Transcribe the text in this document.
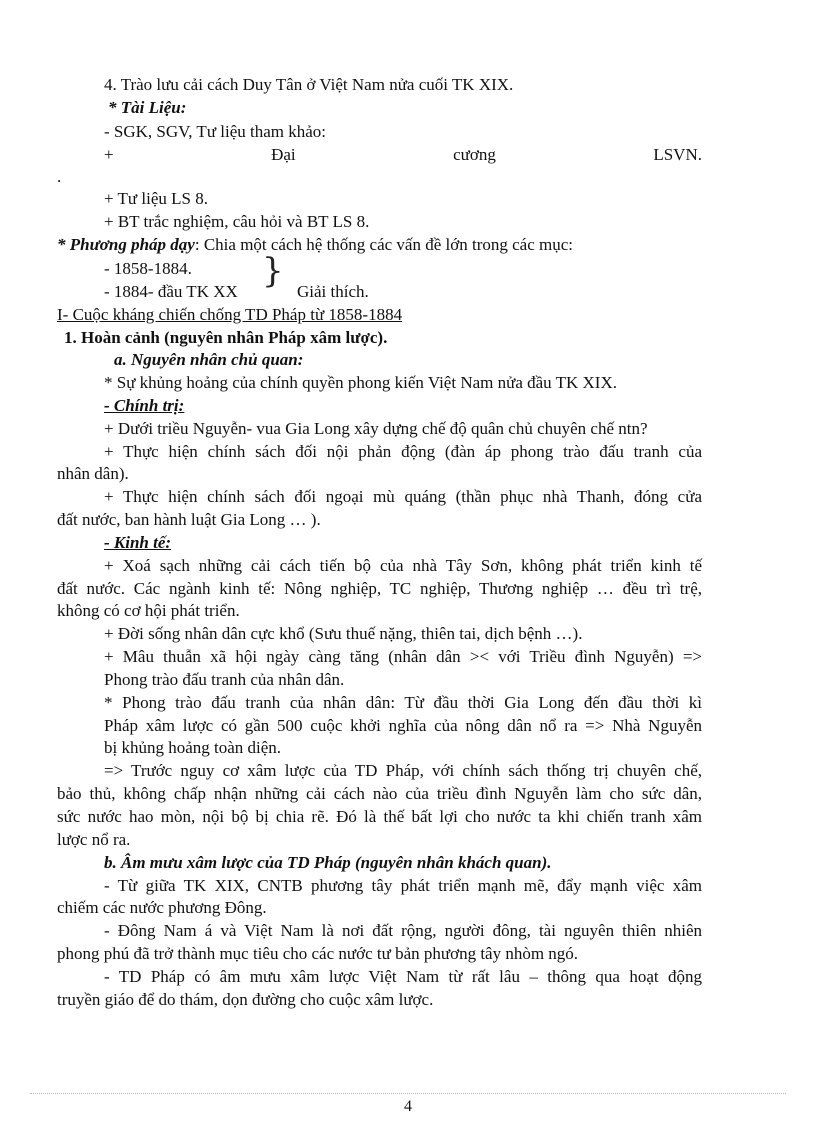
4. Trào lưu cải cách Duy Tân ở Việt Nam nửa cuối TK XIX.
* Tài Liệu:
- SGK, SGV, Tư liệu tham khảo:
+	Đại	cương	LSVN.
.
+ Tư liệu LS 8.
+ BT trắc nghiệm, câu hỏi và BT LS 8.
* Phương pháp dạy: Chia một cách hệ thống các vấn đề lớn trong các mục:
- 1858-1884. }
- 1884- đầu TK XX	Giải thích.
I- Cuộc kháng chiến chống TD Pháp từ 1858-1884
1. Hoàn cảnh (nguyên nhân Pháp xâm lược).
a. Nguyên nhân chủ quan:
* Sự khủng hoảng của chính quyền phong kiến Việt Nam nửa đầu TK XIX.
- Chính trị:
+ Dưới triều Nguyễn- vua Gia Long xây dựng chế độ quân chủ chuyên chế ntn?
+ Thực hiện chính sách đối nội phản động (đàn áp phong trào đấu tranh của
nhân dân).
+ Thực hiện chính sách đối ngoại mù quáng (thần phục nhà Thanh, đóng cửa
đất nước, ban hành luật Gia Long … ).
- Kinh tế:
+ Xoá sạch những cải cách tiến bộ của nhà Tây Sơn, không phát triển kinh tế
đất nước. Các ngành kinh tế: Nông nghiệp, TC nghiệp, Thương nghiệp … đều trì trệ,
không có cơ hội phát triển.
+ Đời sống nhân dân cực khổ (Sưu thuế nặng, thiên tai, dịch bệnh …).
+ Mâu thuẫn xã hội ngày càng tăng (nhân dân >< với Triều đình Nguyễn) =>
Phong trào đấu tranh của nhân dân.
* Phong trào đấu tranh của nhân dân: Từ đầu thời Gia Long đến đầu thời kì
Pháp xâm lược có gần 500 cuộc khởi nghĩa của nông dân nổ ra => Nhà Nguyễn
bị khủng hoảng toàn diện.
=> Trước nguy cơ xâm lược của TD Pháp, với chính sách thống trị chuyên chế,
bảo thủ, không chấp nhận những cải cách nào của triều đình Nguyễn làm cho sức dân,
sức nước hao mòn, nội bộ bị chia rẽ. Đó là thế bất lợi cho nước ta khi chiến tranh xâm
lược nổ ra.
b. Âm mưu xâm lược của TD Pháp (nguyên nhân khách quan).
- Từ giữa TK XIX, CNTB phương tây phát triển mạnh mẽ, đẩy mạnh việc xâm
chiếm các nước phương Đông.
- Đông Nam á và Việt Nam là nơi đất rộng, người đông, tài nguyên thiên nhiên
phong phú đã trở thành mục tiêu cho các nước tư bản phương tây nhòm ngó.
- TD Pháp có âm mưu xâm lược Việt Nam từ rất lâu – thông qua hoạt động
truyền giáo để do thám, dọn đường cho cuộc xâm lược.
4
